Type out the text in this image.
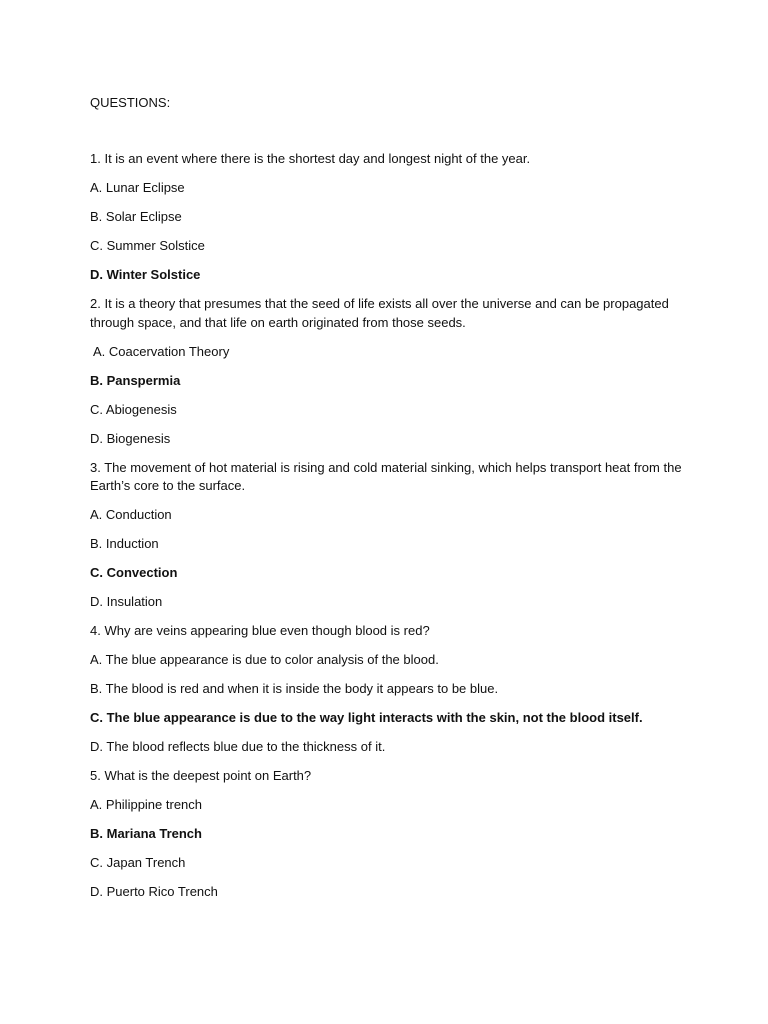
QUESTIONS:

1. It is an event where there is the shortest day and longest night of the year.

A. Lunar Eclipse

B. Solar Eclipse

C. Summer Solstice

D. Winter Solstice

2. It is a theory that presumes that the seed of life exists all over the universe and can be propagated through space, and that life on earth originated from those seeds.

A. Coacervation Theory

B. Panspermia

C. Abiogenesis

D. Biogenesis

3. The movement of hot material is rising and cold material sinking, which helps transport heat from the Earth’s core to the surface.

A. Conduction

B. Induction

C. Convection

D. Insulation

4. Why are veins appearing blue even though blood is red?

A. The blue appearance is due to color analysis of the blood.

B. The blood is red and when it is inside the body it appears to be blue.

C. The blue appearance is due to the way light interacts with the skin, not the blood itself.

D. The blood reflects blue due to the thickness of it.

5. What is the deepest point on Earth?

A. Philippine trench

B. Mariana Trench

C. Japan Trench

D. Puerto Rico Trench
